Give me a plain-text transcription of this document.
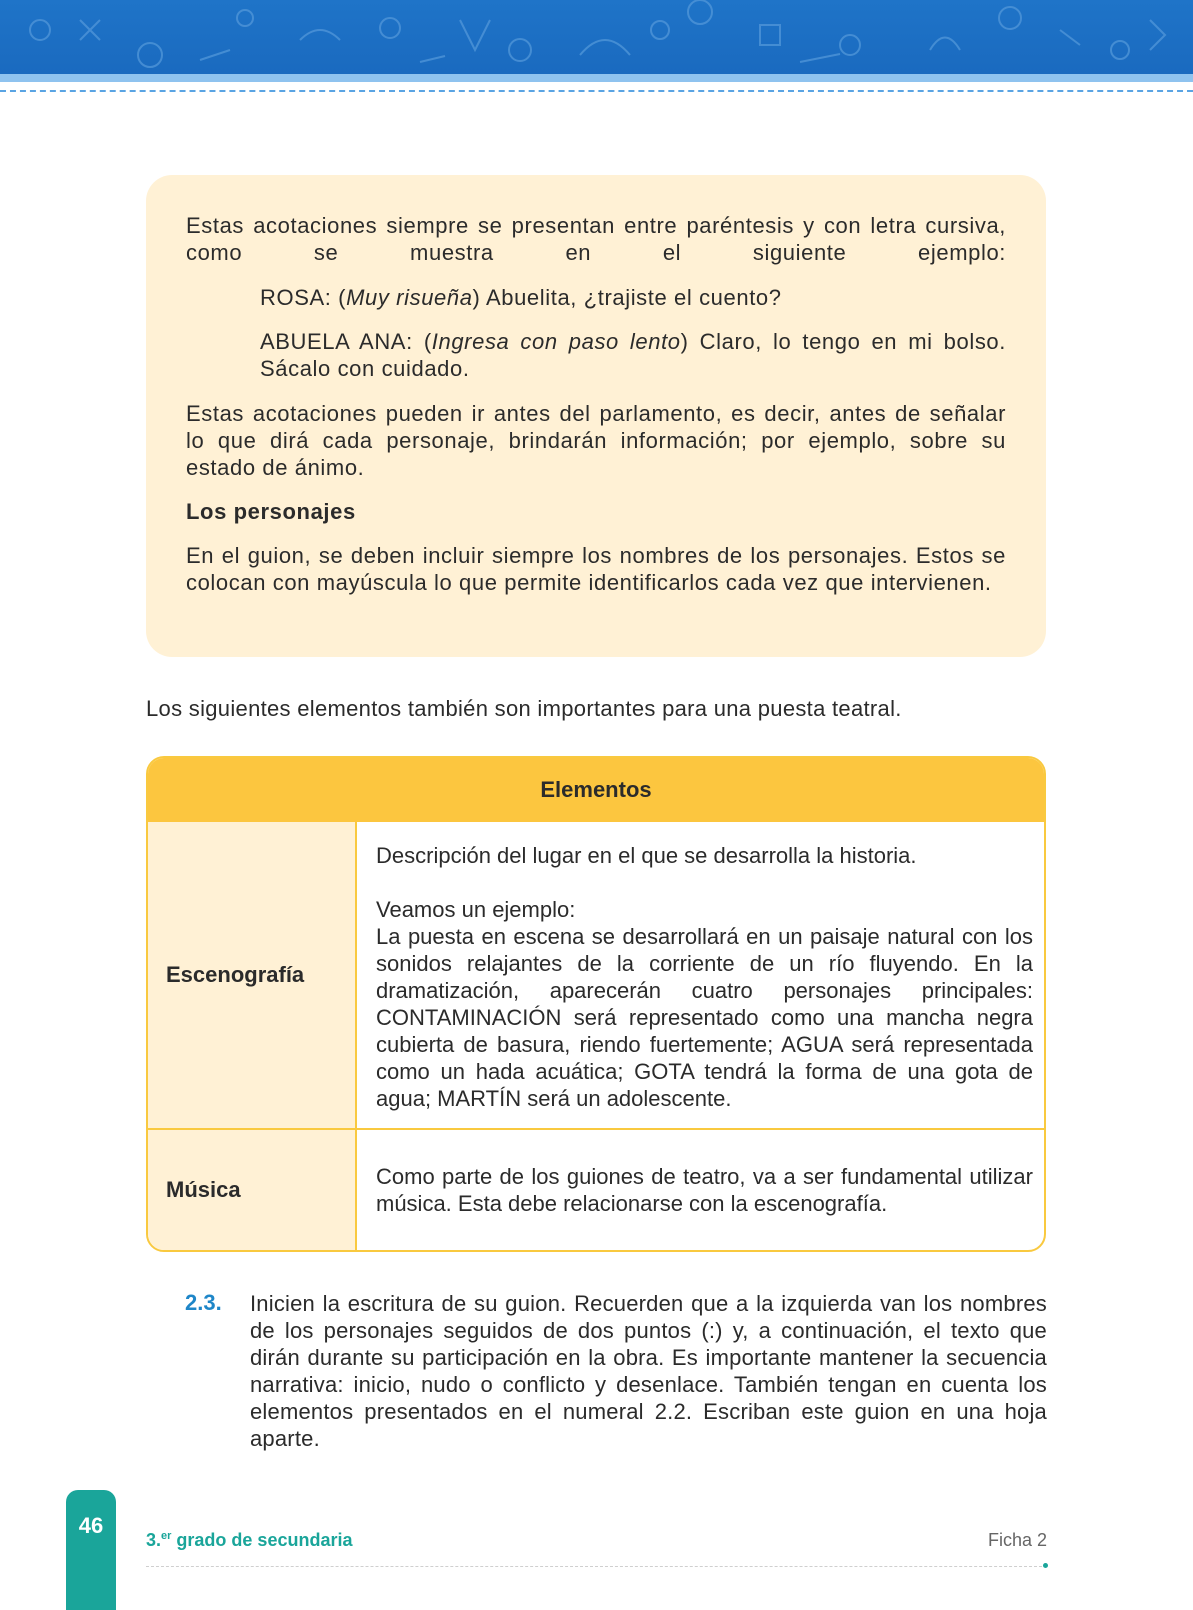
Estas acotaciones siempre se presentan entre paréntesis y con letra cursiva, como se muestra en el siguiente ejemplo:
ROSA: (Muy risueña) Abuelita, ¿trajiste el cuento?
ABUELA ANA: (Ingresa con paso lento) Claro, lo tengo en mi bolso. Sácalo con cuidado.
Estas acotaciones pueden ir antes del parlamento, es decir, antes de señalar lo que dirá cada personaje, brindarán información; por ejemplo, sobre su estado de ánimo.
Los personajes
En el guion, se deben incluir siempre los nombres de los personajes. Estos se colocan con mayúscula lo que permite identificarlos cada vez que intervienen.
Los siguientes elementos también son importantes para una puesta teatral.
Elementos
Escenografía
Descripción del lugar en el que se desarrolla la historia.
Veamos un ejemplo:
La puesta en escena se desarrollará en un paisaje natural con los sonidos relajantes de la corriente de un río fluyendo. En la dramatización, aparecerán cuatro personajes principales: CONTAMINACIÓN será representado como una mancha negra cubierta de basura, riendo fuertemente; AGUA será representada como un hada acuática; GOTA tendrá la forma de una gota de agua; MARTÍN será un adolescente.
Música
Como parte de los guiones de teatro, va a ser fundamental utilizar música. Esta debe relacionarse con la escenografía.
2.3. Inicien la escritura de su guion. Recuerden que a la izquierda van los nombres de los personajes seguidos de dos puntos (:) y, a continuación, el texto que dirán durante su participación en la obra. Es importante mantener la secuencia narrativa: inicio, nudo o conflicto y desenlace. También tengan en cuenta los elementos presentados en el numeral 2.2. Escriban este guion en una hoja aparte.
46
3.$^{er}$ grado de secundaria	Ficha 2
